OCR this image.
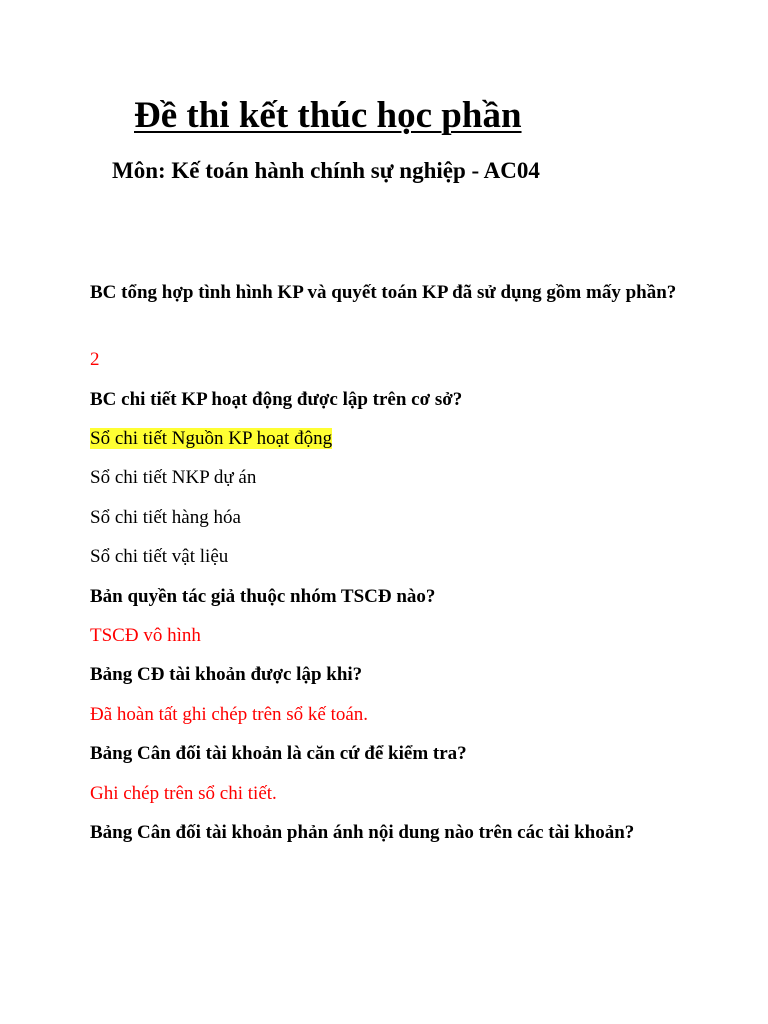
Đề thi kết thúc học phần
Môn: Kế toán hành chính sự nghiệp - AC04

BC tổng hợp tình hình KP và quyết toán KP đã sử dụng gồm mấy phần?

2

BC chi tiết KP hoạt động được lập trên cơ sở?

Sổ chi tiết Nguồn KP hoạt động

Sổ chi tiết NKP dự án

Sổ chi tiết hàng hóa

Sổ chi tiết vật liệu

Bản quyền tác giả thuộc nhóm TSCĐ nào?

TSCĐ vô hình

Bảng CĐ tài khoản được lập khi?

Đã hoàn tất ghi chép trên sổ kế toán.

Bảng Cân đối tài khoản là căn cứ để kiểm tra?

Ghi chép trên sổ chi tiết.

Bảng Cân đối tài khoản phản ánh nội dung nào trên các tài khoản?
